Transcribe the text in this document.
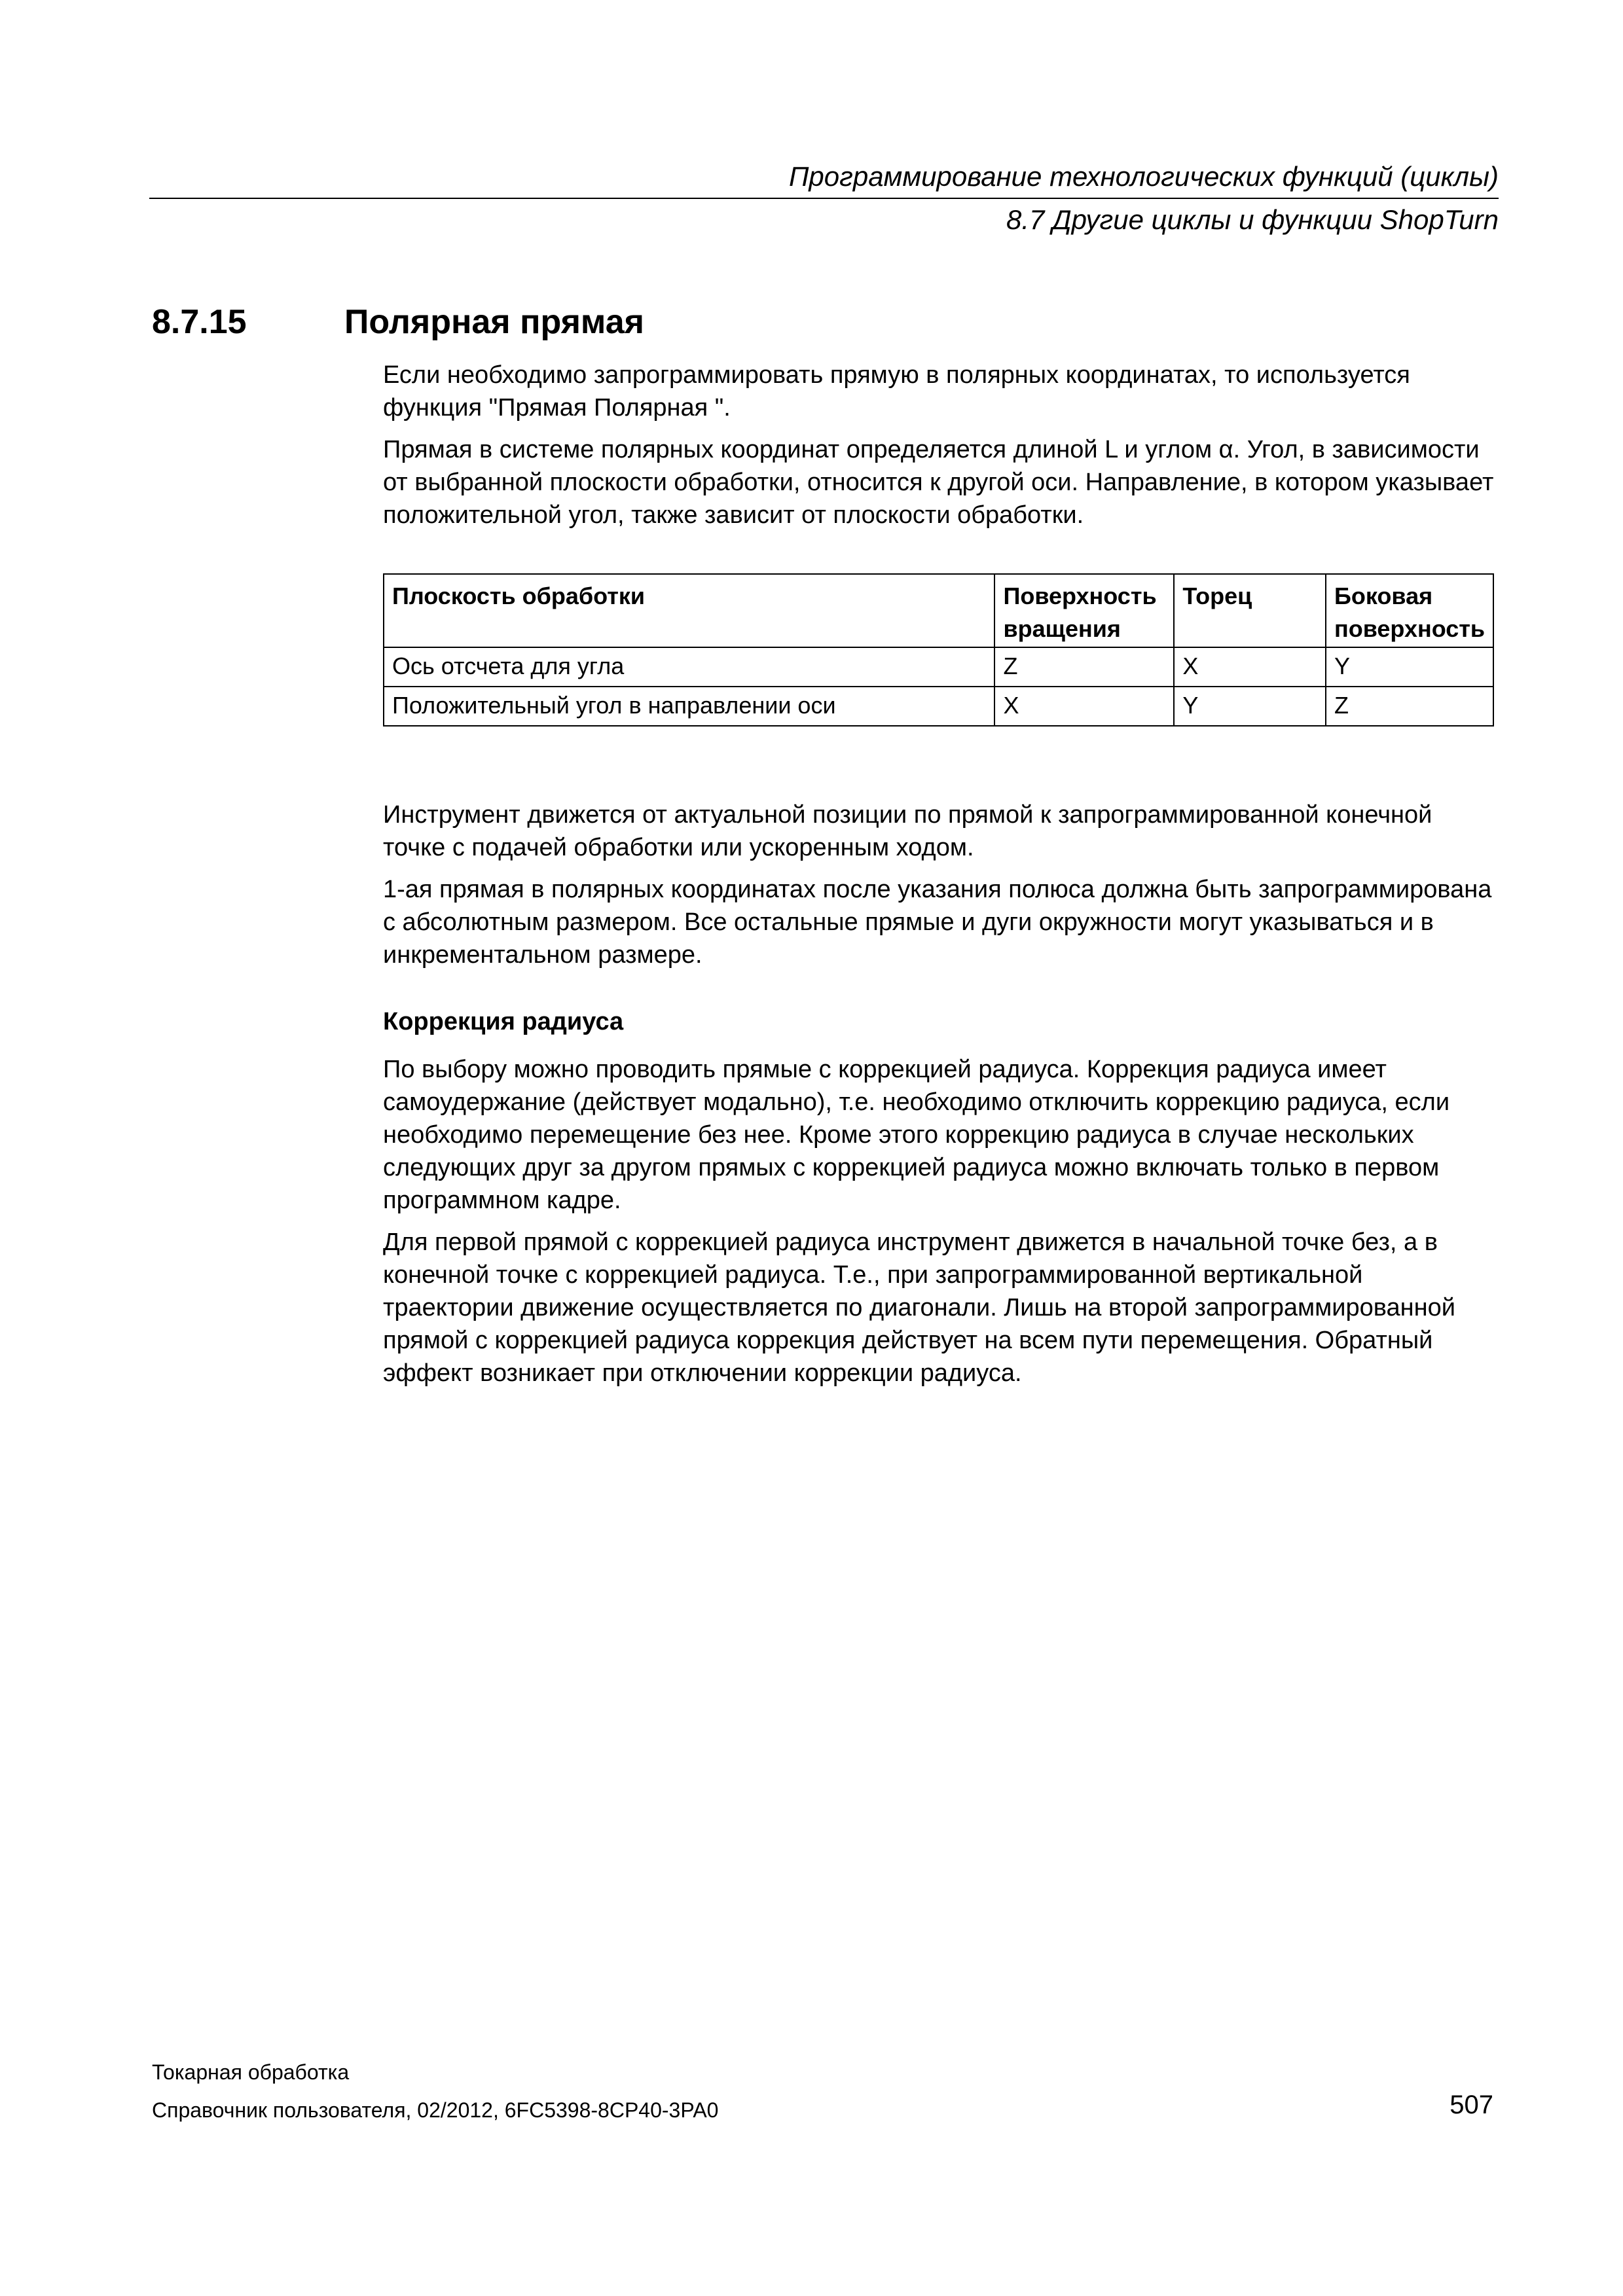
Программирование технологических функций (циклы)
8.7 Другие циклы и функции ShopTurn
8.7.15	Полярная прямая

Если необходимо запрограммировать прямую в полярных координатах, то используется функция "Прямая Полярная ".

Прямая в системе полярных координат определяется длиной L и углом α. Угол, в зависимости от выбранной плоскости обработки, относится к другой оси. Направление, в котором указывает положительной угол, также зависит от плоскости обработки.

Плоскость обработки	Поверхность вращения	Торец	Боковая поверхность
Ось отсчета для угла	Z	X	Y
Положительный угол в направлении оси	X	Y	Z

Инструмент движется от актуальной позиции по прямой к запрограммированной конечной точке с подачей обработки или ускоренным ходом.

1-ая прямая в полярных координатах после указания полюса должна быть запрограммирована с абсолютным размером. Все остальные прямые и дуги окружности могут указываться и в инкрементальном размере.

Коррекция радиуса

По выбору можно проводить прямые с коррекцией радиуса. Коррекция радиуса имеет самоудержание (действует модально), т.е. необходимо отключить коррекцию радиуса, если необходимо перемещение без нее. Кроме этого коррекцию радиуса в случае нескольких следующих друг за другом прямых с коррекцией радиуса можно включать только в первом программном кадре.

Для первой прямой с коррекцией радиуса инструмент движется в начальной точке без, а в конечной точке с коррекцией радиуса. Т.е., при запрограммированной вертикальной траектории движение осуществляется по диагонали. Лишь на второй запрограммированной прямой с коррекцией радиуса коррекция действует на всем пути перемещения. Обратный эффект возникает при отключении коррекции радиуса.

Токарная обработка
Справочник пользователя, 02/2012, 6FC5398-8CP40-3PA0	507
